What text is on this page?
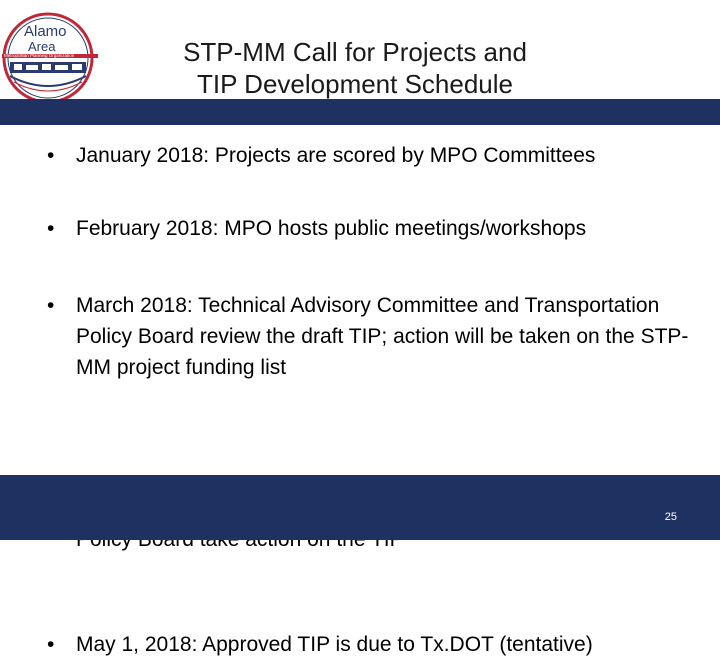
Alamo
Area
Metropolitan Planning Organization	STP-MM Call for Projects and
TIP Development Schedule
• January 2018: Projects are scored by MPO Committees
• February 2018: MPO hosts public meetings/workshops
• March 2018: Technical Advisory Committee and Transportation Policy Board review the draft TIP; action will be taken on the STP-MM project funding list
• May 1, 2018: Approved TIP is due to Tx.DOT (tentative)
25
